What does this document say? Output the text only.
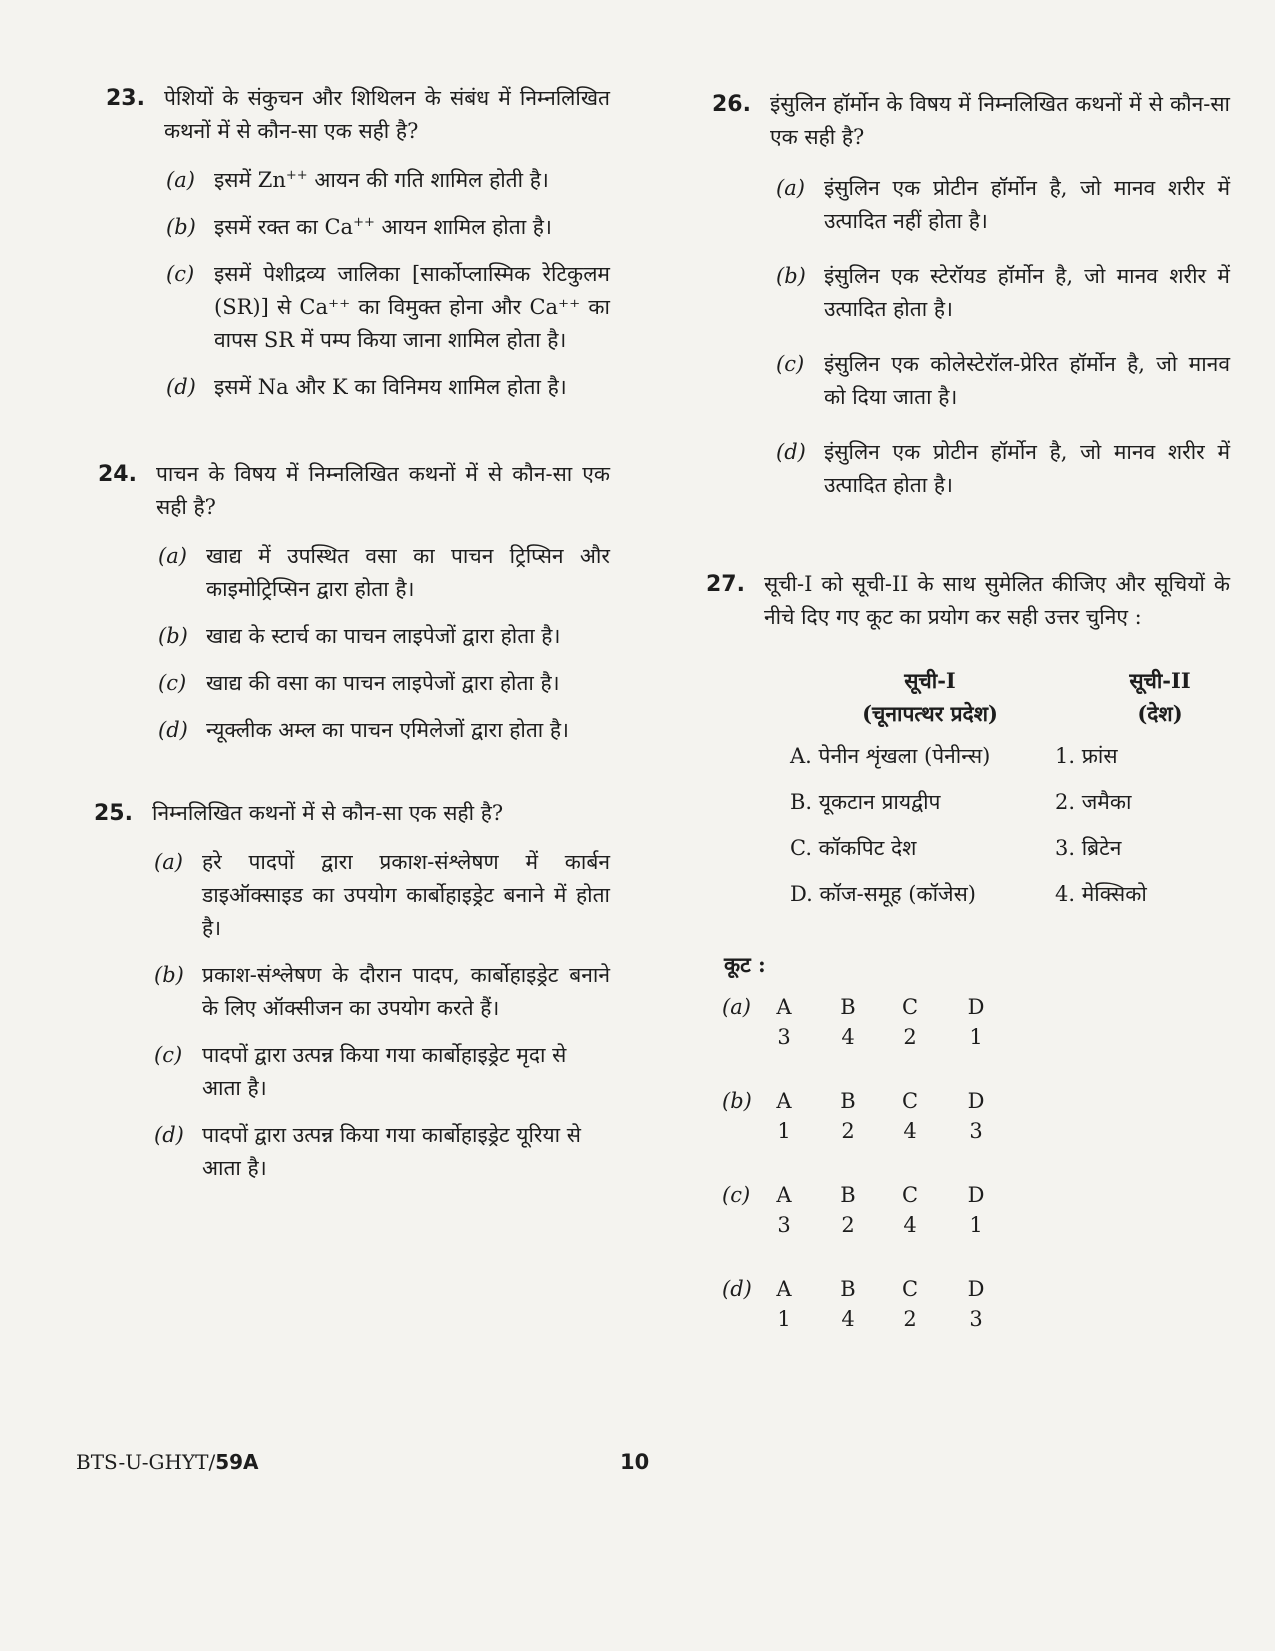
23. पेशियों के संकुचन और शिथिलन के संबंध में निम्नलिखित कथनों में से कौन-सा एक सही है?
(a) इसमें Zn++ आयन की गति शामिल होती है।
(b) इसमें रक्त का Ca++ आयन शामिल होता है।
(c) इसमें पेशीद्रव्य जालिका [सार्कोप्लास्मिक रेटिकुलम (SR)] से Ca⁺⁺ का विमुक्त होना और Ca⁺⁺ का वापस SR में पम्प किया जाना शामिल होता है।
(d) इसमें Na और K का विनिमय शामिल होता है।
24. पाचन के विषय में निम्नलिखित कथनों में से कौन-सा एक सही है?
(a) खाद्य में उपस्थित वसा का पाचन ट्रिप्सिन और काइमोट्रिप्सिन द्वारा होता है।
(b) खाद्य के स्टार्च का पाचन लाइपेजों द्वारा होता है।
(c) खाद्य की वसा का पाचन लाइपेजों द्वारा होता है।
(d) न्यूक्लीक अम्ल का पाचन एमिलेजों द्वारा होता है।
25. निम्नलिखित कथनों में से कौन-सा एक सही है?
(a) हरे पादपों द्वारा प्रकाश-संश्लेषण में कार्बन डाइऑक्साइड का उपयोग कार्बोहाइड्रेट बनाने में होता है।
(b) प्रकाश-संश्लेषण के दौरान पादप, कार्बोहाइड्रेट बनाने के लिए ऑक्सीजन का उपयोग करते हैं।
(c) पादपों द्वारा उत्पन्न किया गया कार्बोहाइड्रेट मृदा से आता है।
(d) पादपों द्वारा उत्पन्न किया गया कार्बोहाइड्रेट यूरिया से आता है।
26. इंसुलिन हॉर्मोन के विषय में निम्नलिखित कथनों में से कौन-सा एक सही है?
(a) इंसुलिन एक प्रोटीन हॉर्मोन है, जो मानव शरीर में उत्पादित नहीं होता है।
(b) इंसुलिन एक स्टेरॉयड हॉर्मोन है, जो मानव शरीर में उत्पादित होता है।
(c) इंसुलिन एक कोलेस्टेरॉल-प्रेरित हॉर्मोन है, जो मानव को दिया जाता है।
(d) इंसुलिन एक प्रोटीन हॉर्मोन है, जो मानव शरीर में उत्पादित होता है।
27. सूची-I को सूची-II के साथ सुमेलित कीजिए और सूचियों के नीचे दिए गए कूट का प्रयोग कर सही उत्तर चुनिए :
सूची-I
(चूनापत्थर प्रदेश)
सूची-II
(देश)
A. पेनीन शृंखला (पेनीन्स)	1. फ्रांस
B. यूकटान प्रायद्वीप	2. जमैका
C. कॉकपिट देश	3. ब्रिटेन
D. कॉज-समूह (कॉजेस)	4. मेक्सिको
कूट :
(a) A B C D
3 4 2	1
(b) A B C D
1 2 4	3
(c) A B C D
3 2 4	1
(d) A B C D
1 4 2	3
BTS-U-GHYT/59A	10
